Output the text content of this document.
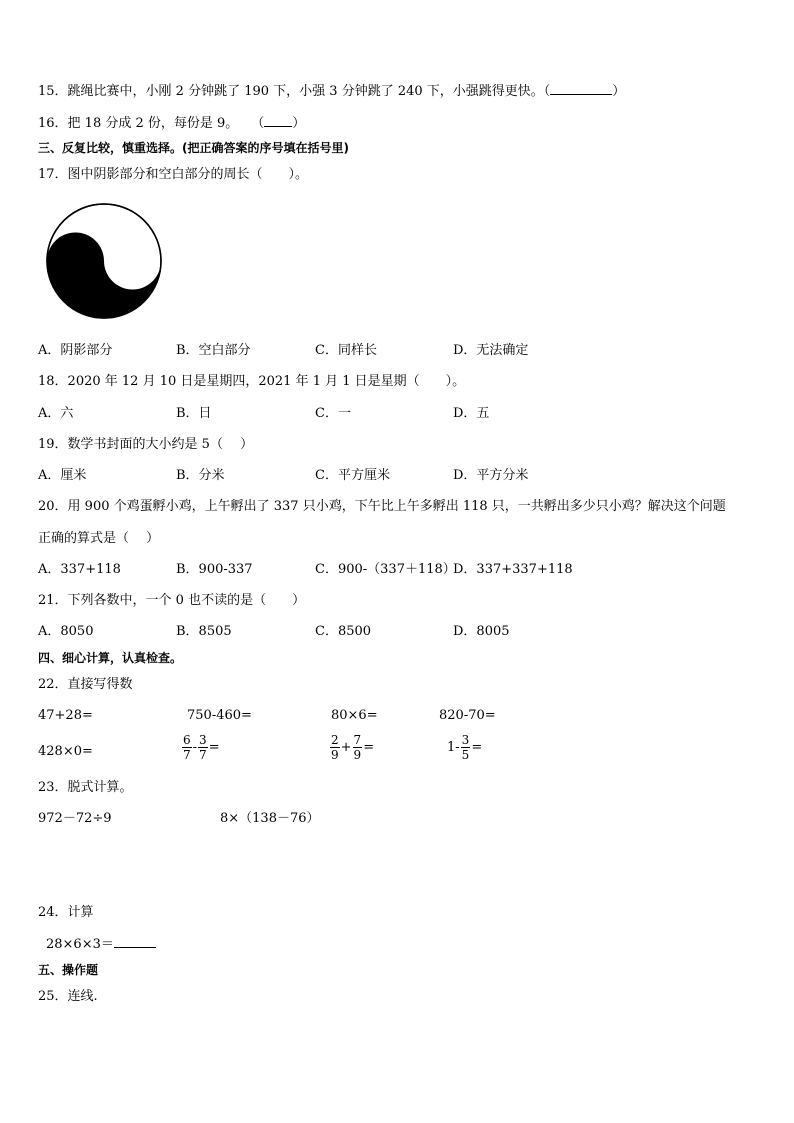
15．跳绳比赛中，小刚 2 分钟跳了 190 下，小强 3 分钟跳了 240 下，小强跳得更快。（	）
16．把 18 分成 2 份，每份是 9。　　（ ）
三、反复比较，慎重选择。(把正确答案的序号填在括号里)
17．图中阴影部分和空白部分的周长（　　）。
A．阴影部分	B．空白部分	C．同样长	D．无法确定
18．2020 年 12 月 10 日是星期四，2021 年 1 月 1 日是星期（　　）。
A．六	B．日	C．一	D．五
19．数学书封面的大小约是 5（　 ）
A．厘米	B．分米	C．平方厘米	D．平方分米
20．用 900 个鸡蛋孵小鸡，上午孵出了 337 只小鸡，下午比上午多孵出 118 只，一共孵出多少只小鸡？解决这个问题
正确的算式是（　 ）
A．337+118	B．900-337	C．900-（337＋118）
D．337+337+118
21．下列各数中，一个 0 也不读的是（　　）
A．8050	B．8505	C．8500	D．8005
四、细心计算，认真检查。
22．直接写得数
47+28=	750-460=	80×6=	820-70=
428×0=	$\frac{6}{7} - \frac{3}{7}$ =	$\frac{2}{9} + \frac{7}{9}$ =	$1- \frac{3}{5}$ =
23．脱式计算。
972－72÷9	8×（138－76）
24．计算
28×6×3＝
五、操作题
25．连线.
